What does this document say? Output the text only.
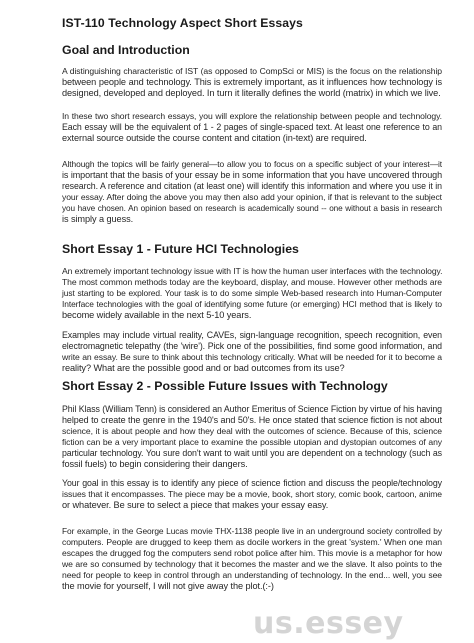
IST-110 Technology Aspect Short Essays
Goal and Introduction

A distinguishing characteristic of IST (as opposed to CompSci or MIS) is the focus on the relationship
between people and technology. This is extremely important, as it influences how technology is
designed, developed and deployed. In turn it literally defines the world (matrix) in which we live.

In these two short research essays, you will explore the relationship between people and technology.
Each essay will be the equivalent of 1 - 2 pages of single-spaced text. At least one reference to an
external source outside the course content and citation (in-text) are required.

Although the topics will be fairly general—to allow you to focus on a specific subject of your interest—it
is important that the basis of your essay be in some information that you have uncovered through
research. A reference and citation (at least one) will identify this information and where you use it in
your essay. After doing the above you may then also add your opinion, if that is relevant to the subject
you have chosen. An opinion based on research is academically sound -- one without a basis in research
is simply a guess.

Short Essay 1 - Future HCI Technologies

An extremely important technology issue with IT is how the human user interfaces with the technology.
The most common methods today are the keyboard, display, and mouse. However other methods are
just starting to be explored. Your task is to do some simple Web-based research into Human-Computer
Interface technologies with the goal of identifying some future (or emerging) HCI method that is likely to
become widely available in the next 5-10 years.

Examples may include virtual reality, CAVEs, sign-language recognition, speech recognition, even
electromagnetic telepathy (the 'wire'). Pick one of the possibilities, find some good information, and
write an essay. Be sure to think about this technology critically. What will be needed for it to become a
reality? What are the possible good and or bad outcomes from its use?

Short Essay 2 - Possible Future Issues with Technology

Phil Klass (William Tenn) is considered an Author Emeritus of Science Fiction by virtue of his having
helped to create the genre in the 1940's and 50's. He once stated that science fiction is not about
science, it is about people and how they deal with the outcomes of science. Because of this, science
fiction can be a very important place to examine the possible utopian and dystopian outcomes of any
particular technology. You sure don't want to wait until you are dependent on a technology (such as
fossil fuels) to begin considering their dangers.

Your goal in this essay is to identify any piece of science fiction and discuss the people/technology
issues that it encompasses. The piece may be a movie, book, short story, comic book, cartoon, anime
or whatever. Be sure to select a piece that makes your essay easy.

For example, in the George Lucas movie THX-1138 people live in an underground society controlled by
computers. People are drugged to keep them as docile workers in the great 'system.' When one man
escapes the drugged fog the computers send robot police after him. This movie is a metaphor for how
we are so consumed by technology that it becomes the master and we the slave. It also points to the
need for people to keep in control through an understanding of technology. In the end... well, you see
the movie for yourself, I will not give away the plot.(:-)

us.essey
